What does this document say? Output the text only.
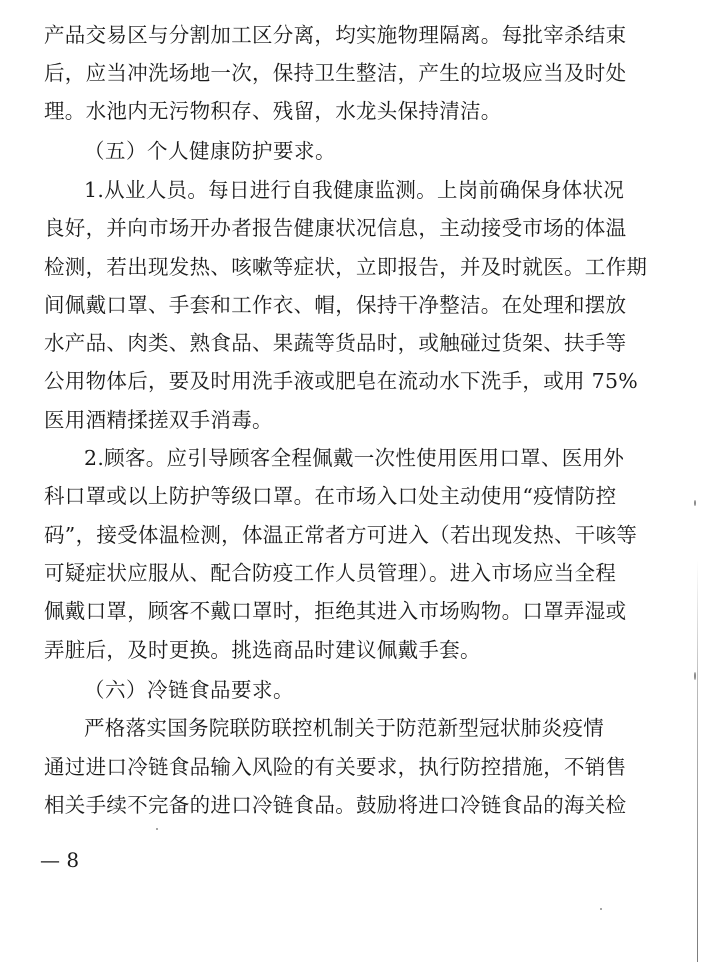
产品交易区与分割加工区分离，均实施物理隔离。每批宰杀结束
后，应当冲洗场地一次，保持卫生整洁，产生的垃圾应当及时处
理。水池内无污物积存、残留，水龙头保持清洁。
（五）个人健康防护要求。
1.从业人员。每日进行自我健康监测。上岗前确保身体状况
良好，并向市场开办者报告健康状况信息，主动接受市场的体温
检测，若出现发热、咳嗽等症状，立即报告，并及时就医。工作期
间佩戴口罩、手套和工作衣、帽，保持干净整洁。在处理和摆放
水产品、肉类、熟食品、果蔬等货品时，或触碰过货架、扶手等
公用物体后，要及时用洗手液或肥皂在流动水下洗手，或用 75%
医用酒精揉搓双手消毒。
2.顾客。应引导顾客全程佩戴一次性使用医用口罩、医用外
科口罩或以上防护等级口罩。在市场入口处主动使用“疫情防控
码”，接受体温检测，体温正常者方可进入（若出现发热、干咳等
可疑症状应服从、配合防疫工作人员管理）。进入市场应当全程
佩戴口罩，顾客不戴口罩时，拒绝其进入市场购物。口罩弄湿或
弄脏后，及时更换。挑选商品时建议佩戴手套。
（六）冷链食品要求。
严格落实国务院联防联控机制关于防范新型冠状肺炎疫情
通过进口冷链食品输入风险的有关要求，执行防控措施，不销售
相关手续不完备的进口冷链食品。鼓励将进口冷链食品的海关检
— 8
